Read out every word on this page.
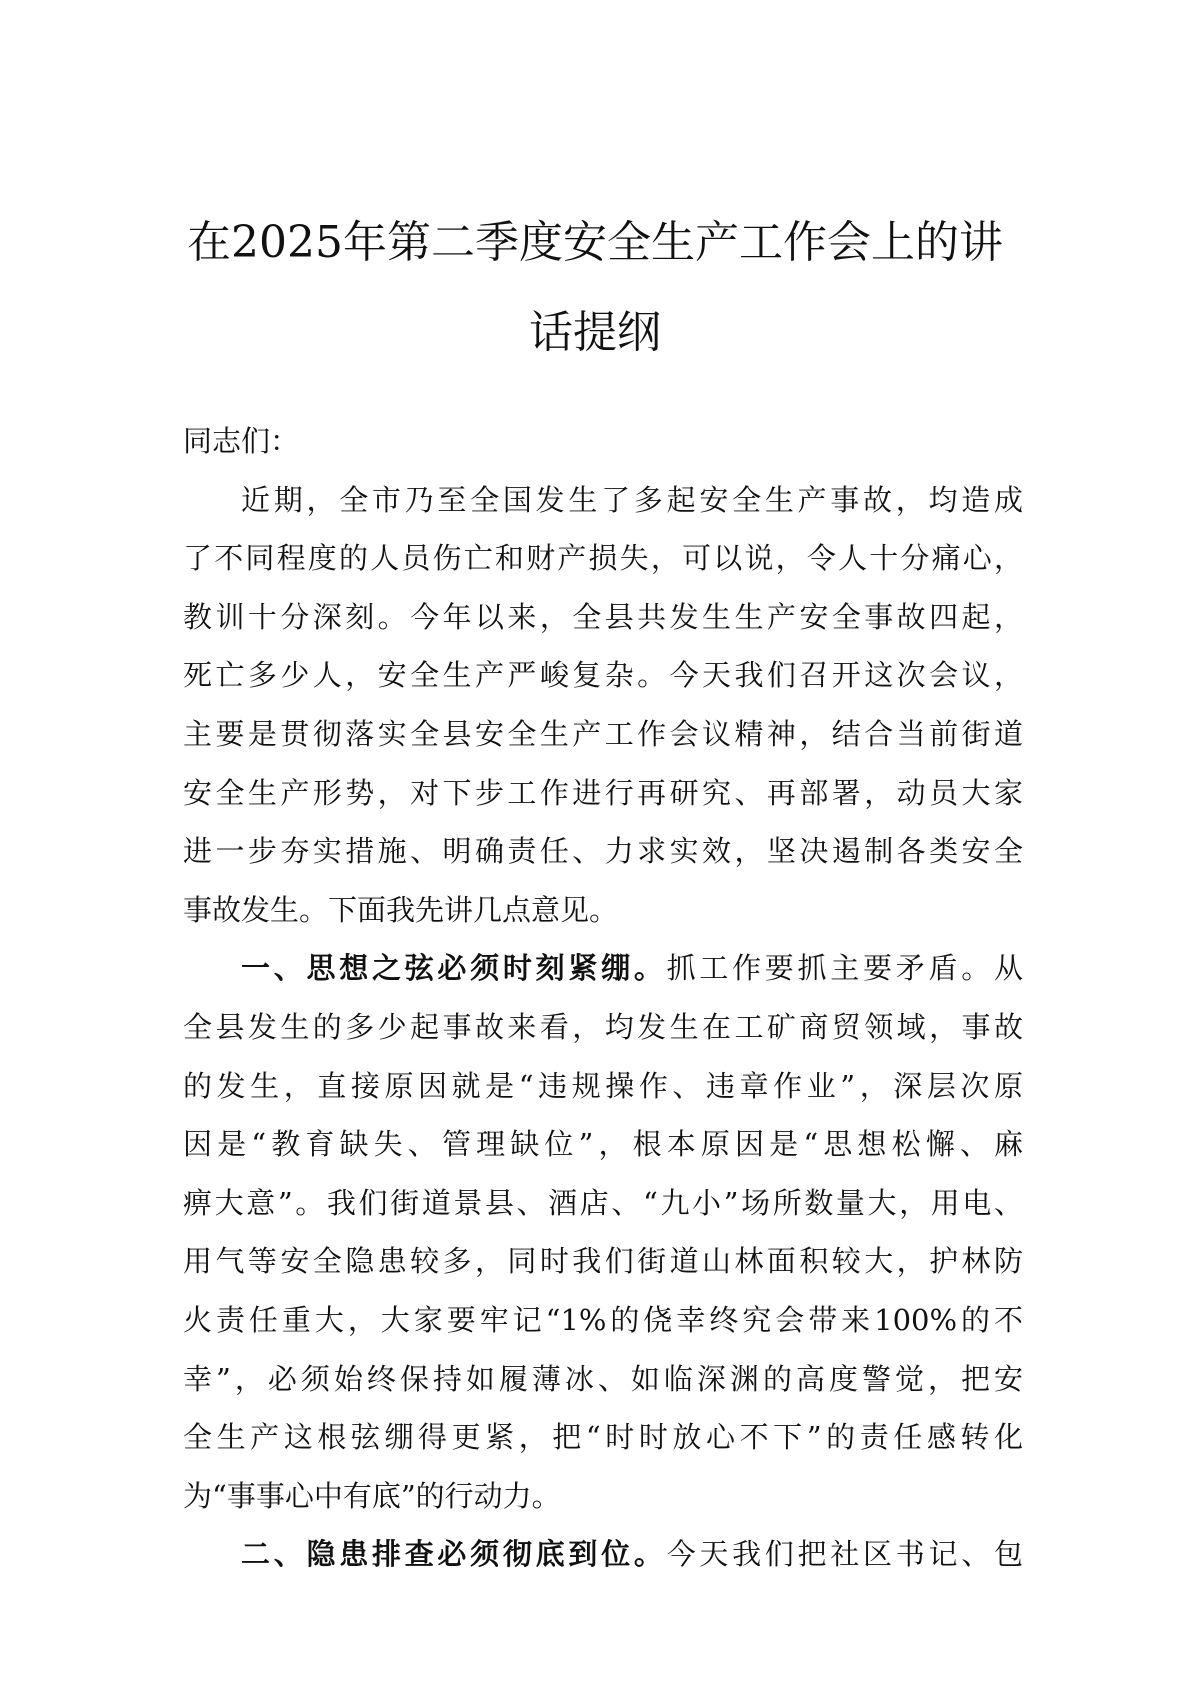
在2025年第二季度安全生产工作会上的讲
话提纲
同志们：
近期，全市乃至全国发生了多起安全生产事故，均造成
了不同程度的人员伤亡和财产损失，可以说，令人十分痛心，
教训十分深刻。今年以来，全县共发生生产安全事故四起，
死亡多少人，安全生产严峻复杂。今天我们召开这次会议，
主要是贯彻落实全县安全生产工作会议精神，结合当前街道
安全生产形势，对下步工作进行再研究、再部署，动员大家
进一步夯实措施、明确责任、力求实效，坚决遏制各类安全
事故发生。下面我先讲几点意见。
一、思想之弦必须时刻紧绷。抓工作要抓主要矛盾。从
全县发生的多少起事故来看，均发生在工矿商贸领域，事故
的发生，直接原因就是“违规操作、违章作业”，深层次原
因是“教育缺失、管理缺位”，根本原因是“思想松懈、麻
痹大意”。我们街道景县、酒店、“九小”场所数量大，用电、
用气等安全隐患较多，同时我们街道山林面积较大，护林防
火责任重大，大家要牢记“1%的侥幸终究会带来100%的不
幸”，必须始终保持如履薄冰、如临深渊的高度警觉，把安
全生产这根弦绷得更紧，把“时时放心不下”的责任感转化
为“事事心中有底”的行动力。
二、隐患排查必须彻底到位。今天我们把社区书记、包
